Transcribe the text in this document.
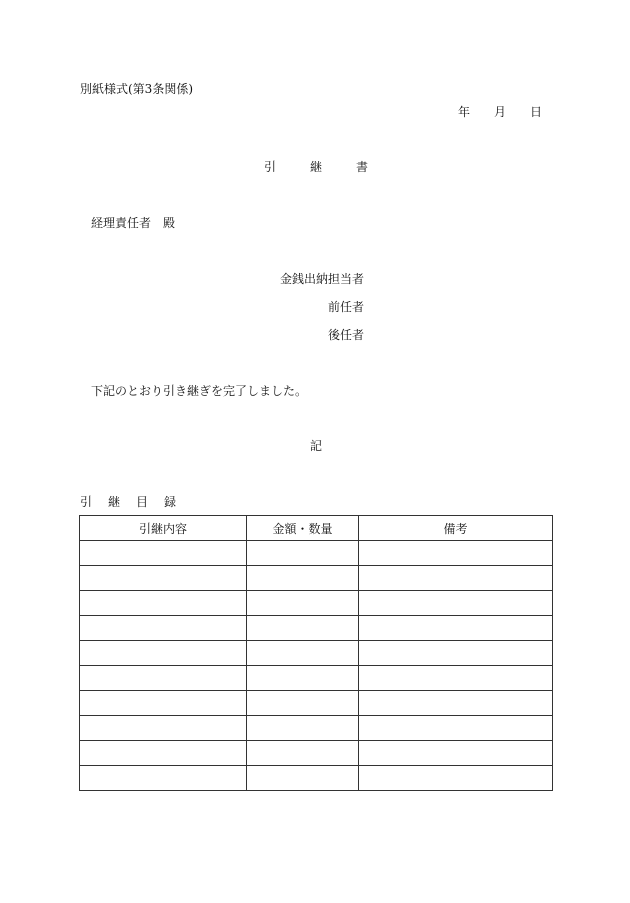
別紙様式(第3条関係)
年 月 日
引	継	書
経理責任者 殿
金銭出納担当者
前任者
後任者
下記のとおり引き継ぎを完了しました。
記
引 継 目 録
引継内容	金額・数量	備考
